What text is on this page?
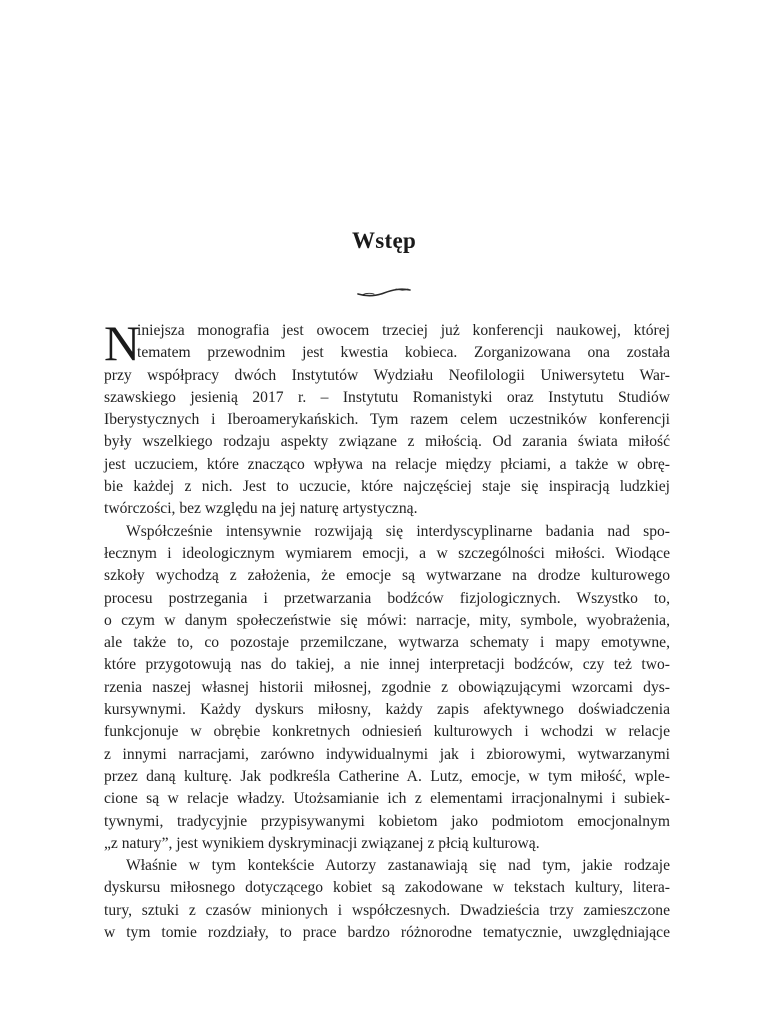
Wstęp
N
iniejsza monografia jest owocem trzeciej już konferencji naukowej, której
tematem przewodnim jest kwestia kobieca. Zorganizowana ona została
przy współpracy dwóch Instytutów Wydziału Neofilologii Uniwersytetu War-
szawskiego jesienią 2017 r. – Instytutu Romanistyki oraz Instytutu Studiów
Iberystycznych i Iberoamerykańskich. Tym razem celem uczestników konferencji
były wszelkiego rodzaju aspekty związane z miłością. Od zarania świata miłość
jest uczuciem, które znacząco wpływa na relacje między płciami, a także w obrę-
bie każdej z nich. Jest to uczucie, które najczęściej staje się inspiracją ludzkiej
twórczości, bez względu na jej naturę artystyczną.
Współcześnie intensywnie rozwijają się interdyscyplinarne badania nad spo-
łecznym i ideologicznym wymiarem emocji, a w szczególności miłości. Wiodące
szkoły wychodzą z założenia, że emocje są wytwarzane na drodze kulturowego
procesu postrzegania i przetwarzania bodźców fizjologicznych. Wszystko to,
o czym w danym społeczeństwie się mówi: narracje, mity, symbole, wyobrażenia,
ale także to, co pozostaje przemilczane, wytwarza schematy i mapy emotywne,
które przygotowują nas do takiej, a nie innej interpretacji bodźców, czy też two-
rzenia naszej własnej historii miłosnej, zgodnie z obowiązującymi wzorcami dys-
kursywnymi. Każdy dyskurs miłosny, każdy zapis afektywnego doświadczenia
funkcjonuje w obrębie konkretnych odniesień kulturowych i wchodzi w relacje
z innymi narracjami, zarówno indywidualnymi jak i zbiorowymi, wytwarzanymi
przez daną kulturę. Jak podkreśla Catherine A. Lutz, emocje, w tym miłość, wple-
cione są w relacje władzy. Utożsamianie ich z elementami irracjonalnymi i subiek-
tywnymi, tradycyjnie przypisywanymi kobietom jako podmiotom emocjonalnym
„z natury”, jest wynikiem dyskryminacji związanej z płcią kulturową.
Właśnie w tym kontekście Autorzy zastanawiają się nad tym, jakie rodzaje
dyskursu miłosnego dotyczącego kobiet są zakodowane w tekstach kultury, litera-
tury, sztuki z czasów minionych i współczesnych. Dwadzieścia trzy zamieszczone
w tym tomie rozdziały, to prace bardzo różnorodne tematycznie, uwzględniające
